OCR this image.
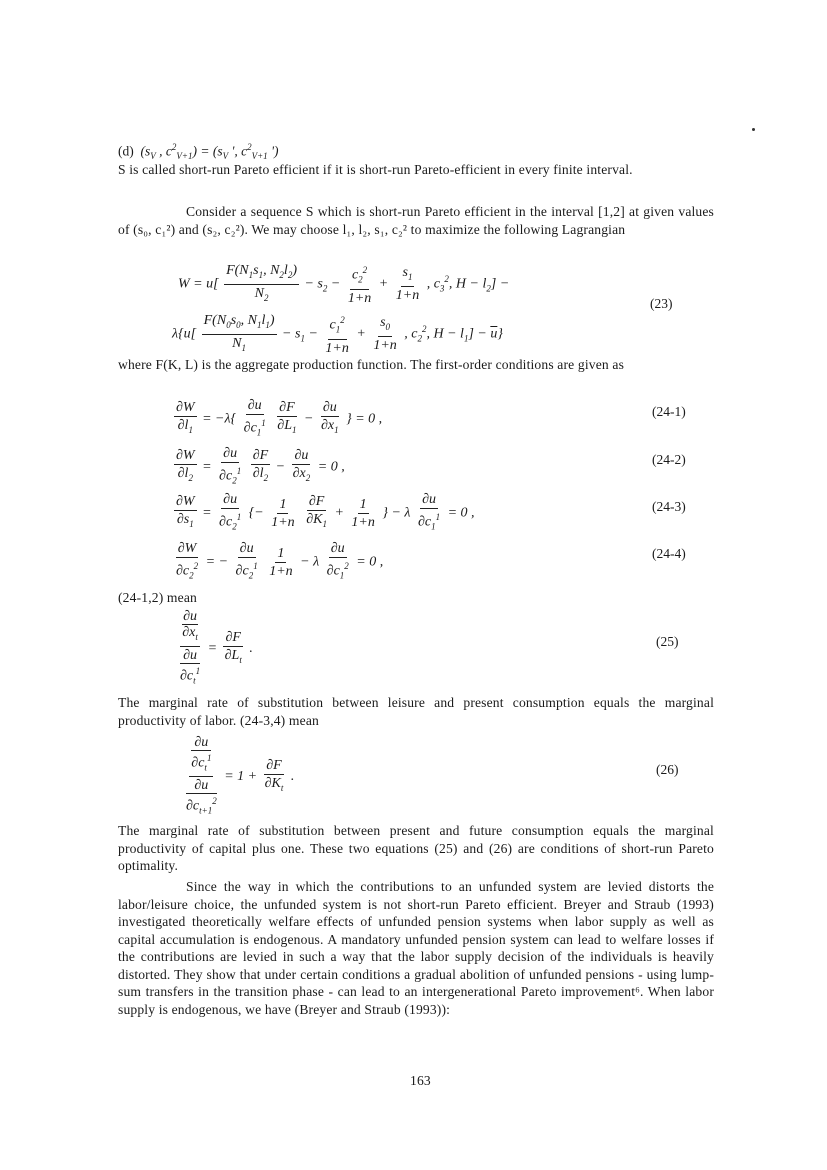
(d)  ($s_V$ , $c^2_{V+1}) = (s_V$ ', $c^2_{V+1}$ ')
S is called short-run Pareto efficient if it is short-run Pareto-efficient in every finite interval.
Consider a sequence S which is short-run Pareto efficient in the interval [1,2] at given values of (s₀, c₁²) and (s₂, c₂²). We may choose l₁, l₂, s₁, c₂² to maximize the following Lagrangian
$W = u[ \frac{F(N_1s_1, N_2l_2)}{N_2} - s_2 - \frac{c_2^2}{1+n} + \frac{s_1}{1+n}$ , $c_3^2$, $H - l_2$] −
(23)
$\lambda\{u[ \frac{F(N_0s_0, N_1l_1)}{N_1} - s_1 - \frac{c_1^2}{1+n} + \frac{s_0}{1+n}$ , $c_2^2$, $H - l_1] - \overline{u}$}
where F(K, L) is the aggregate production function. The first-order conditions are given as
$\frac{\partial W}{\partial l_1} = -\lambda\{ \frac{\partial u}{\partial c_1^1}$
$\frac{\partial F}{\partial L_1} - \frac{\partial u}{\partial x_1}$ } = 0 ,	(24-1)
$\frac{\partial W}{\partial l_2} = \frac{\partial u}{\partial c_2^1}$
$\frac{\partial F}{\partial l_2} - \frac{\partial u}{\partial x_2} = 0$ ,	(24-2)
$\frac{\partial W}{\partial s_1} = \frac{\partial u}{\partial c_2^1}$ {− $\frac{1}{1+n}$
$\frac{\partial F}{\partial K_1} + \frac{1}{1+n}$ } − λ $\frac{\partial u}{\partial c_1^1} = 0$ ,	(24-3)
$\frac{\partial W}{\partial c_2^2}$ = − $\frac{\partial u}{\partial c_2^1}$
$\frac{1}{1+n} - \lambda \frac{\partial u}{\partial c_1^2} = 0$ ,
(24-4)
(24-1,2) mean
∂u
$\partial x_t$
∂u
$\partial c_t^1 = \frac{\partial F}{\partial L_t}$ .	(25)
The marginal rate of substitution between leisure and present consumption equals the marginal productivity of labor. (24-3,4) mean
∂u
$\partial c_t^1$
∂u
$\partial c_{t+1}^2 = 1 + \frac{\partial F}{\partial K_t}$ .	(26)
The marginal rate of substitution between present and future consumption equals the marginal productivity of capital plus one. These two equations (25) and (26) are conditions of short-run Pareto optimality.
Since the way in which the contributions to an unfunded system are levied distorts the labor/leisure choice, the unfunded system is not short-run Pareto efficient. Breyer and Straub (1993) investigated theoretically welfare effects of unfunded pension systems when labor supply as well as capital accumulation is endogenous. A mandatory unfunded pension system can lead to welfare losses if the contributions are levied in such a way that the labor supply decision of the individuals is heavily distorted. They show that under certain conditions a gradual abolition of unfunded pensions - using lump-sum transfers in the transition phase - can lead to an intergenerational Pareto improvement⁶. When labor supply is endogenous, we have (Breyer and Straub (1993)):
163
